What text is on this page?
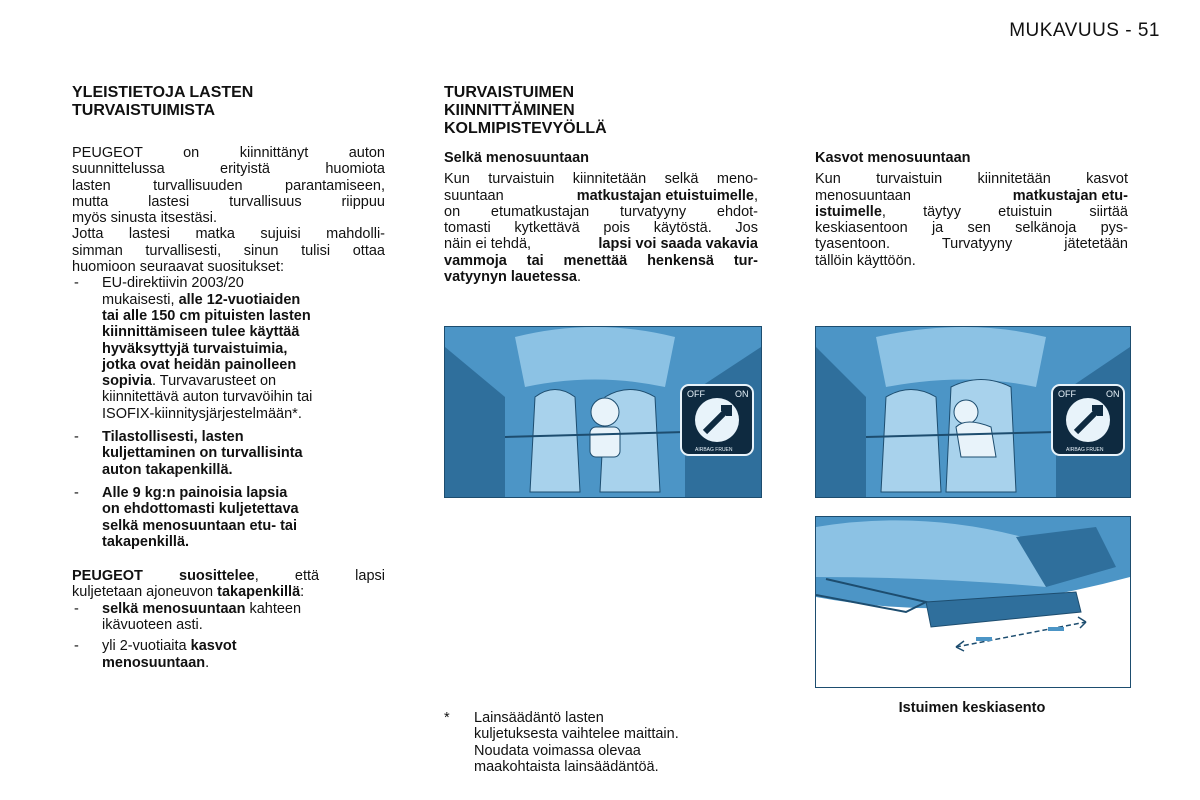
MUKAVUUS - 51
YLEISTIETOJA LASTEN
TURVAISTUIMISTA
PEUGEOT on kiinnittänyt auton
suunnittelussa erityistä huomiota
lasten turvallisuuden parantamiseen,
mutta lastesi turvallisuus riippuu
myös sinusta itsestäsi.
Jotta lastesi matka sujuisi mahdolli-
simman turvallisesti, sinun tulisi ottaa
huomioon seuraavat suositukset:
- EU-direktiivin 2003/20
mukaisesti, alle 12-vuotiaiden
tai alle 150 cm pituisten lasten
kiinnittämiseen tulee käyttää
hyväksyttyjä turvaistuimia,
jotka ovat heidän painolleen
sopivia. Turvavarusteet on
kiinnitettävä auton turvavöihin tai
ISOFIX-kiinnitysjärjestelmään*.
- Tilastollisesti, lasten
kuljettaminen on turvallisinta
auton takapenkillä.
- Alle 9 kg:n painoisia lapsia
on ehdottomasti kuljetettava
selkä menosuuntaan etu- tai
takapenkillä.
PEUGEOT suosittelee, että lapsi
kuljetetaan ajoneuvon takapenkillä:
- selkä menosuuntaan kahteen
ikävuoteen asti.
- yli 2-vuotiaita kasvot
menosuuntaan.
TURVAISTUIMEN
KIINNITTÄMINEN
KOLMIPISTEVYÖLLÄ
Selkä menosuuntaan
Kun turvaistuin kiinnitetään selkä meno-
suuntaan	matkustajan etuistuimelle,
on etumatkustajan turvatyyny ehdot-
tomasti kytkettävä pois käytöstä. Jos
näin ei tehdä,	lapsi voi saada vakavia
vammoja tai menettää henkensä tur-
vatyynyn lauetessa.
OFF	ON
AIRBAG FRUEN
* Lainsäädäntö lasten
kuljetuksesta vaihtelee maittain.
Noudata voimassa olevaa
maakohtaista lainsäädäntöä.
Kasvot menosuuntaan
Kun turvaistuin kiinnitetään kasvot
menosuuntaan	matkustajan etu-
istuimelle, täytyy etuistuin siirtää
keskiasentoon ja sen selkänoja pys-
tyasentoon. Turvatyyny jätetetään
tällöin käyttöön.
OFF	ON
AIRBAG FRUEN
Istuimen keskiasento
